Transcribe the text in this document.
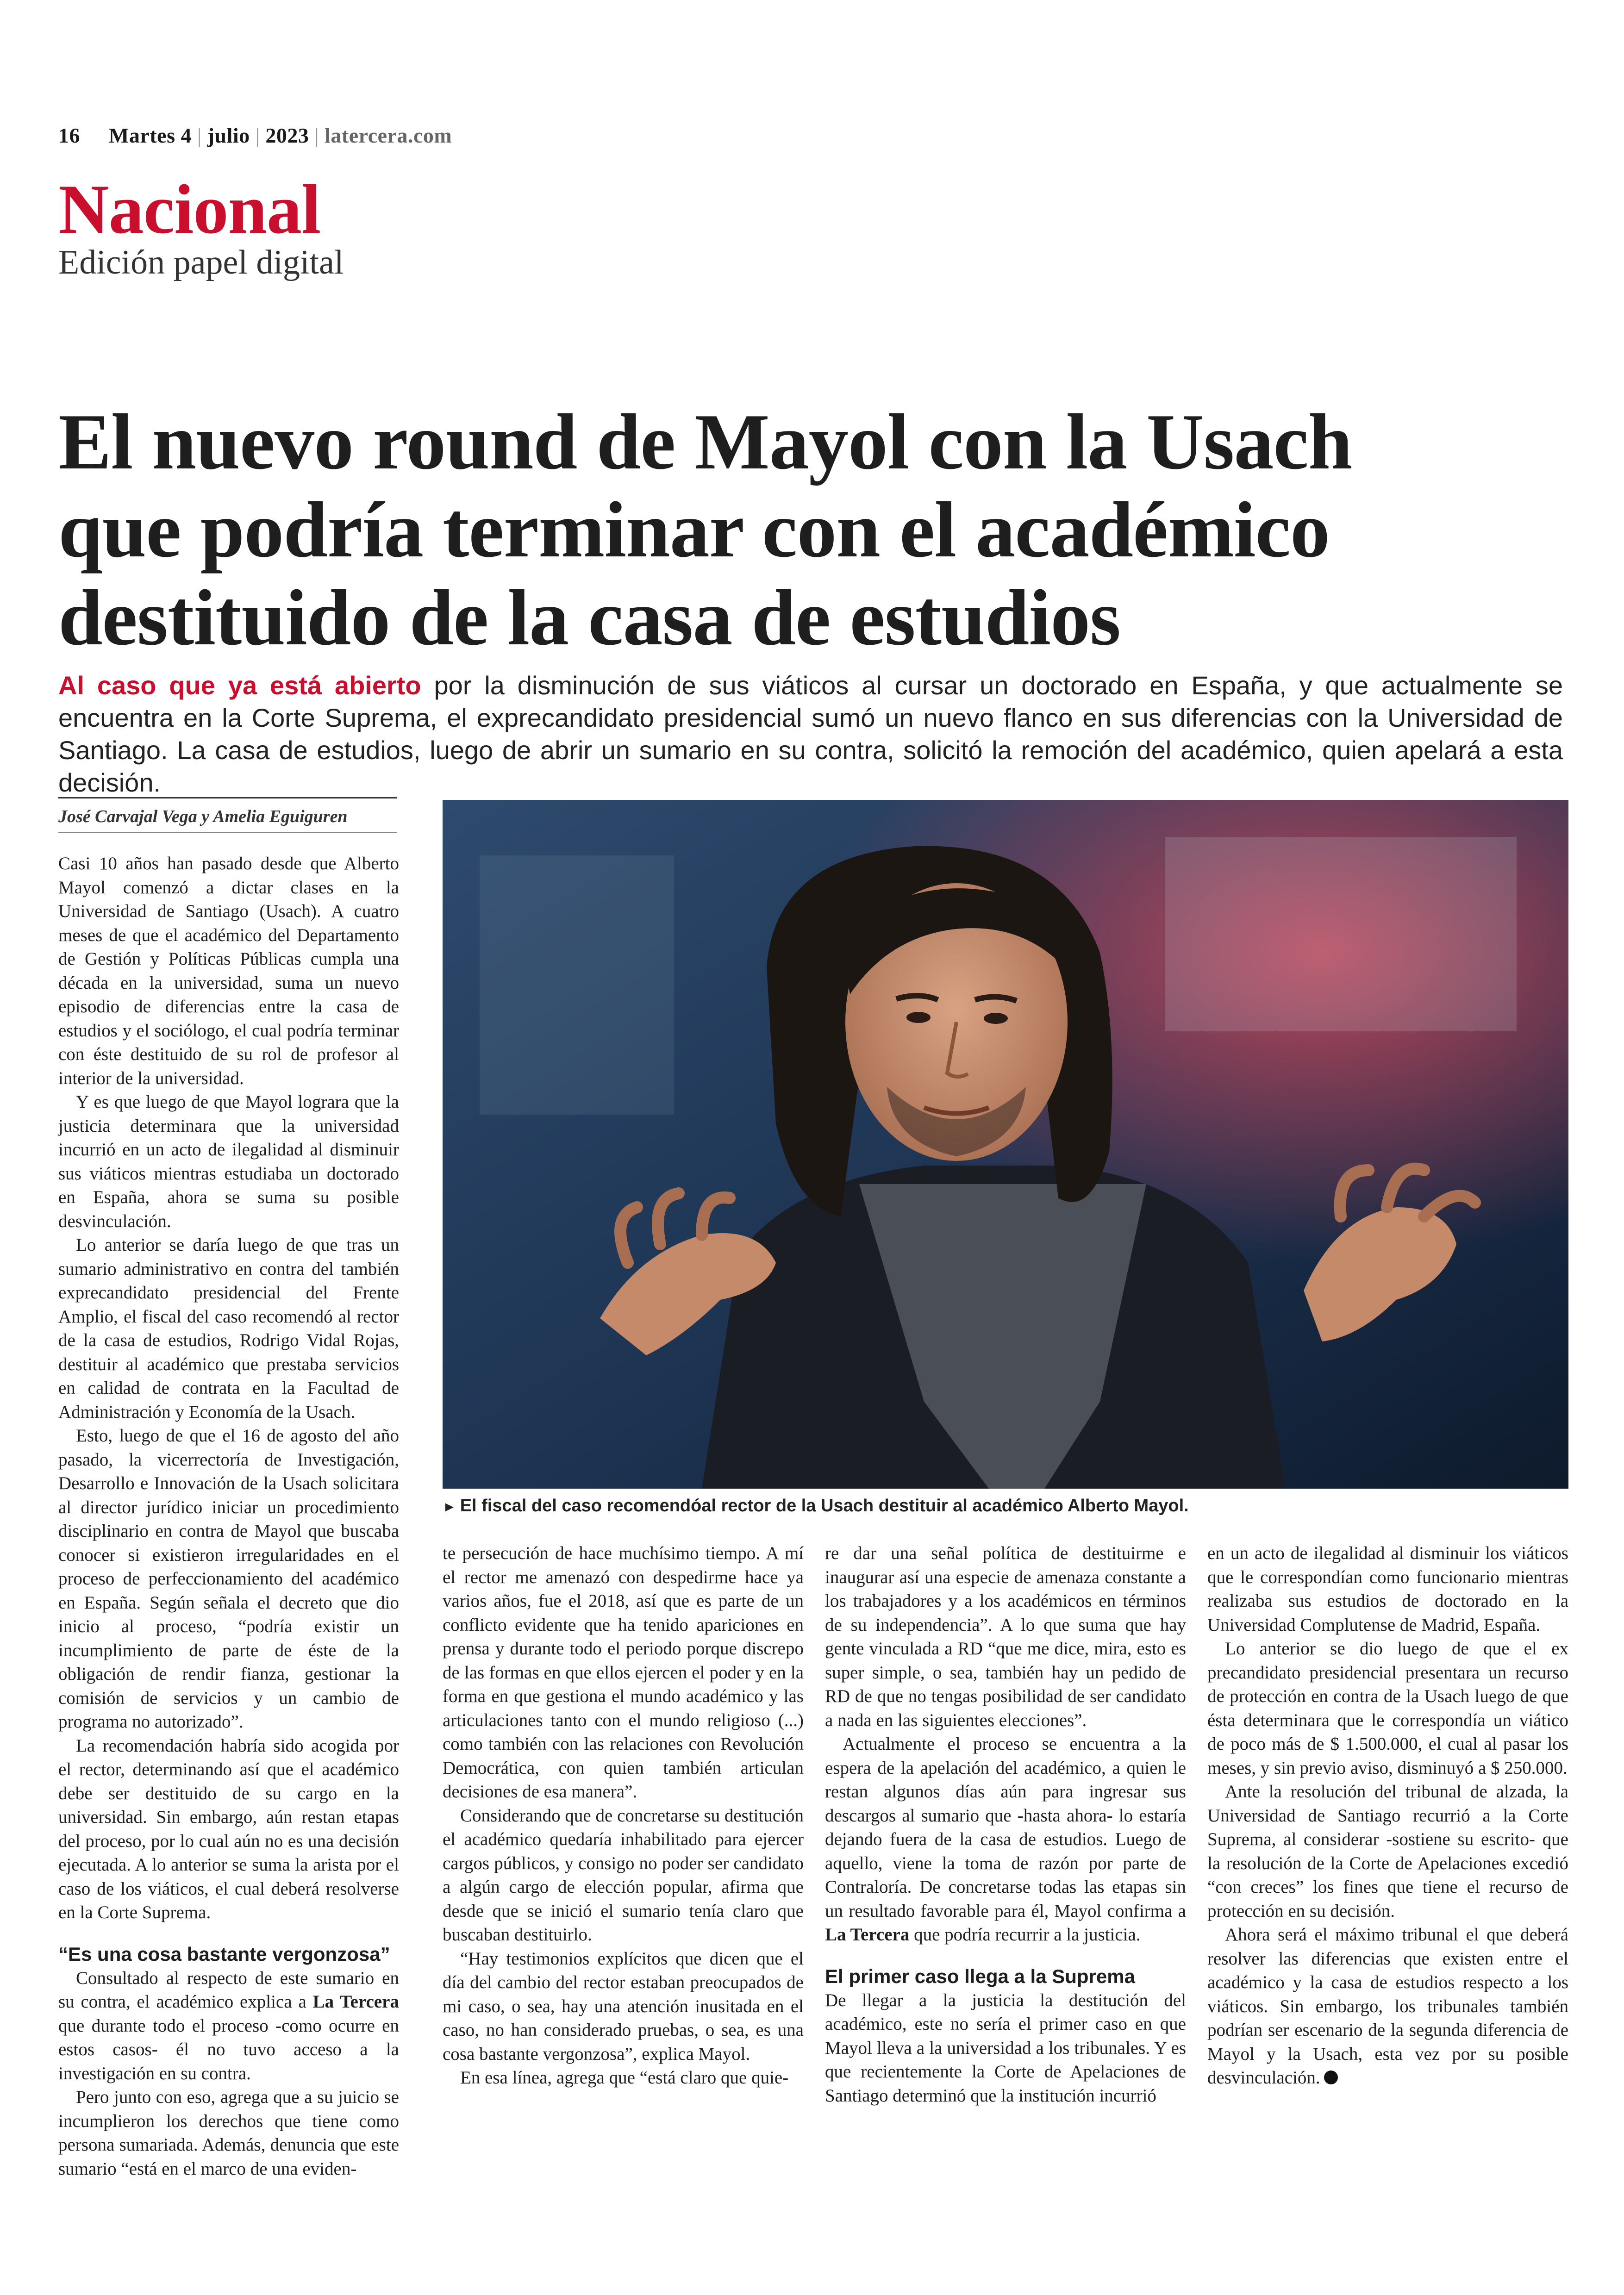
16 Martes 4 | julio | 2023 | latercera.com
Nacional
Edición papel digital
El nuevo round de Mayol con la Usach
que podría terminar con el académico
destituido de la casa de estudios
Al caso que ya está abierto por la disminución de sus viáticos al cursar un doctorado en España, y que actualmente se encuentra en la Corte Suprema, el exprecandidato presidencial sumó un nuevo flanco en sus diferencias con la Universidad de Santiago. La casa de estudios, luego de abrir un sumario en su contra, solicitó la remoción del académico, quien apelará a esta decisión.
José Carvajal Vega y Amelia Eguiguren
► El fiscal del caso recomendóal rector de la Usach destituir al académico Alberto Mayol.

Casi 10 años han pasado desde que Alberto Mayol comenzó a dictar clases en la Universidad de Santiago (Usach). A cuatro meses de que el académico del Departamento de Gestión y Políticas Públicas cumpla una década en la universidad, suma un nuevo episodio de diferencias entre la casa de estudios y el sociólogo, el cual podría terminar con éste destituido de su rol de profesor al interior de la universidad.

Y es que luego de que Mayol lograra que la justicia determinara que la universidad incurrió en un acto de ilegalidad al disminuir sus viáticos mientras estudiaba un doctorado en España, ahora se suma su posible desvinculación.

Lo anterior se daría luego de que tras un sumario administrativo en contra del también exprecandidato presidencial del Frente Amplio, el fiscal del caso recomendó al rector de la casa de estudios, Rodrigo Vidal Rojas, destituir al académico que prestaba servicios en calidad de contrata en la Facultad de Administración y Economía de la Usach.

Esto, luego de que el 16 de agosto del año pasado, la vicerrectoría de Investigación, Desarrollo e Innovación de la Usach solicitara al director jurídico iniciar un procedimiento disciplinario en contra de Mayol que buscaba conocer si existieron irregularidades en el proceso de perfeccionamiento del académico en España. Según señala el decreto que dio inicio al proceso, “podría existir un incumplimiento de parte de éste de la obligación de rendir fianza, gestionar la comisión de servicios y un cambio de programa no autorizado”.

La recomendación habría sido acogida por el rector, determinando así que el académico debe ser destituido de su cargo en la universidad. Sin embargo, aún restan etapas del proceso, por lo cual aún no es una decisión ejecutada. A lo anterior se suma la arista por el caso de los viáticos, el cual deberá resolverse en la Corte Suprema.

“Es una cosa bastante vergonzosa”

Consultado al respecto de este sumario en su contra, el académico explica a La Tercera que durante todo el proceso -como ocurre en estos casos- él no tuvo acceso a la investigación en su contra.

Pero junto con eso, agrega que a su juicio se incumplieron los derechos que tiene como persona sumariada. Además, denuncia que este sumario “está en el marco de una eviden-

te persecución de hace muchísimo tiempo. A mí el rector me amenazó con despedirme hace ya varios años, fue el 2018, así que es parte de un conflicto evidente que ha tenido apariciones en prensa y durante todo el periodo porque discrepo de las formas en que ellos ejercen el poder y en la forma en que gestiona el mundo académico y las articulaciones tanto con el mundo religioso (...) como también con las relaciones con Revolución Democrática, con quien también articulan decisiones de esa manera”.

Considerando que de concretarse su destitución el académico quedaría inhabilitado para ejercer cargos públicos, y consigo no poder ser candidato a algún cargo de elección popular, afirma que desde que se inició el sumario tenía claro que buscaban destituirlo.

“Hay testimonios explícitos que dicen que el día del cambio del rector estaban preocupados de mi caso, o sea, hay una atención inusitada en el caso, no han considerado pruebas, o sea, es una cosa bastante vergonzosa”, explica Mayol.

En esa línea, agrega que “está claro que quie-

re dar una señal política de destituirme e inaugurar así una especie de amenaza constante a los trabajadores y a los académicos en términos de su independencia”. A lo que suma que hay gente vinculada a RD “que me dice, mira, esto es super simple, o sea, también hay un pedido de RD de que no tengas posibilidad de ser candidato a nada en las siguientes elecciones”.

Actualmente el proceso se encuentra a la espera de la apelación del académico, a quien le restan algunos días aún para ingresar sus descargos al sumario que -hasta ahora- lo estaría dejando fuera de la casa de estudios. Luego de aquello, viene la toma de razón por parte de Contraloría. De concretarse todas las etapas sin un resultado favorable para él, Mayol confirma a La Tercera que podría recurrir a la justicia.

El primer caso llega a la Suprema

De llegar a la justicia la destitución del académico, este no sería el primer caso en que Mayol lleva a la universidad a los tribunales. Y es que recientemente la Corte de Apelaciones de Santiago determinó que la institución incurrió

en un acto de ilegalidad al disminuir los viáticos que le correspondían como funcionario mientras realizaba sus estudios de doctorado en la Universidad Complutense de Madrid, España.

Lo anterior se dio luego de que el ex precandidato presidencial presentara un recurso de protección en contra de la Usach luego de que ésta determinara que le correspondía un viático de poco más de $ 1.500.000, el cual al pasar los meses, y sin previo aviso, disminuyó a $ 250.000.

Ante la resolución del tribunal de alzada, la Universidad de Santiago recurrió a la Corte Suprema, al considerar -sostiene su escrito- que la resolución de la Corte de Apelaciones excedió “con creces” los fines que tiene el recurso de protección en su decisión.

Ahora será el máximo tribunal el que deberá resolver las diferencias que existen entre el académico y la casa de estudios respecto a los viáticos. Sin embargo, los tribunales también podrían ser escenario de la segunda diferencia de Mayol y la Usach, esta vez por su posible desvinculación.
